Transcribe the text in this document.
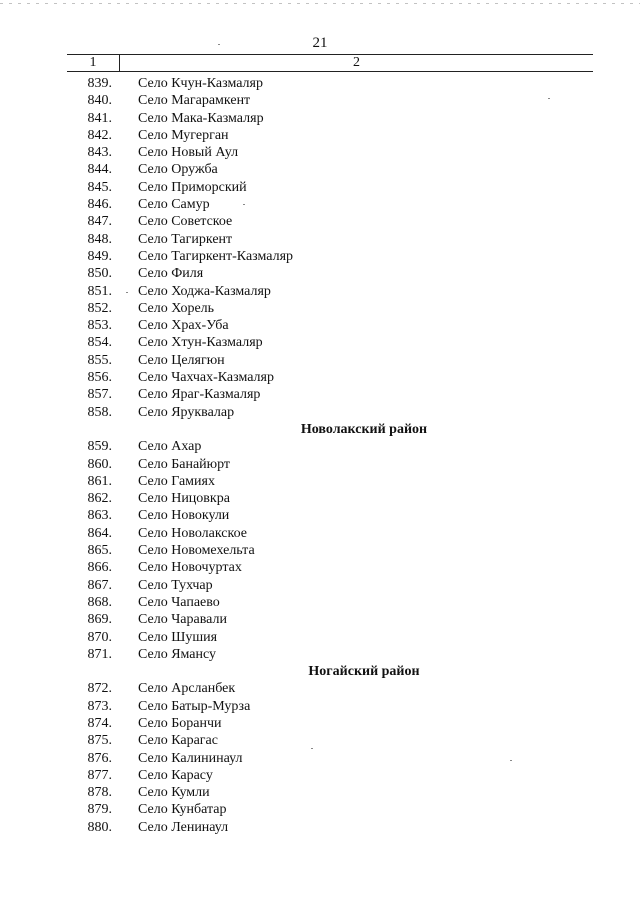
21
1	2
839. Село Кчун-Казмаляр
840. Село Магарамкент
841. Село Мака-Казмаляр
842. Село Мугерган
843. Село Новый Аул
844. Село Оружба
845. Село Приморский
846. Село Самур
847. Село Советское
848. Село Тагиркент
849. Село Тагиркент-Казмаляр
850. Село Филя
851. Село Ходжа-Казмаляр
852. Село Хорель
853. Село Храх-Уба
854. Село Хтун-Казмаляр
855. Село Целягюн
856. Село Чахчах-Казмаляр
857. Село Яраг-Казмаляр
858. Село Яруквалар
Новолакский район
859. Село Ахар
860. Село Банайюрт
861. Село Гамиях
862. Село Ницовкра
863. Село Новокули
864. Село Новолакское
865. Село Новомехельта
866. Село Новочуртах
867. Село Тухчар
868. Село Чапаево
869. Село Чаравали
870. Село Шушия
871. Село Ямансу
Ногайский район
872. Село Арсланбек
873. Село Батыр-Мурза
874. Село Боранчи
875. Село Карагас
876. Село Калининаул
877. Село Карасу
878. Село Кумли
879. Село Кунбатар
880. Село Ленинаул
